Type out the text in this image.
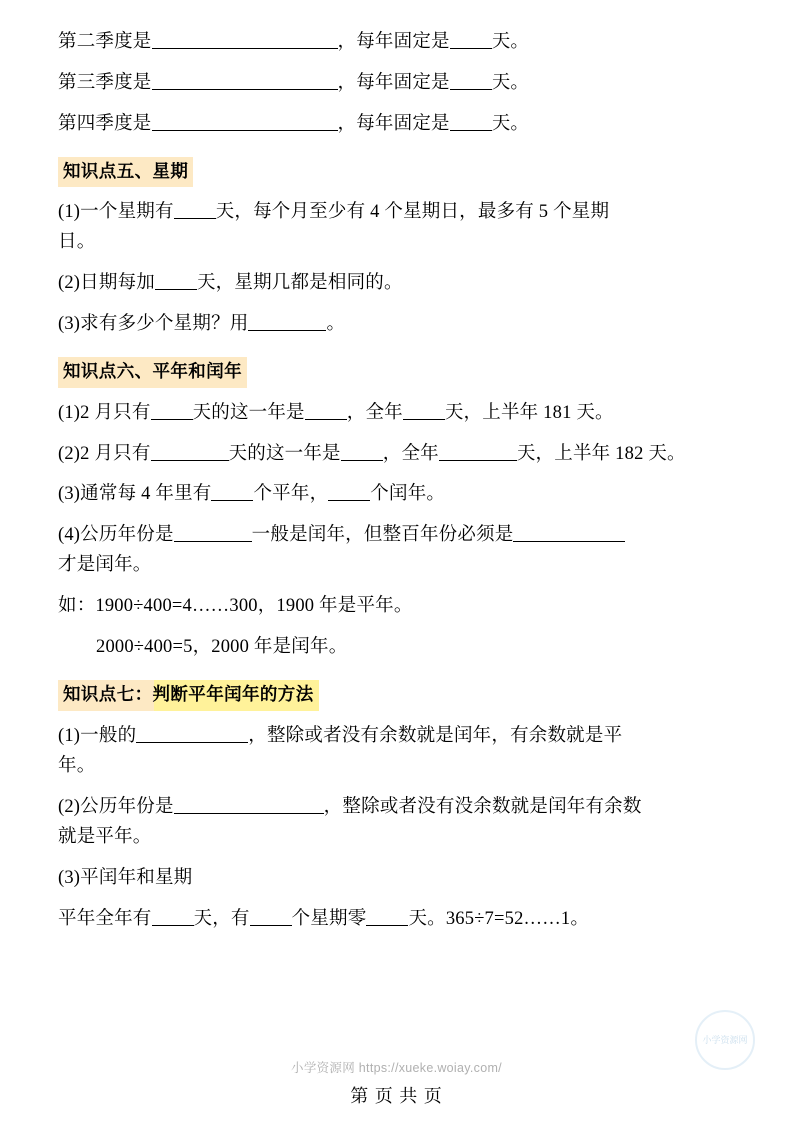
第二季度是	，每年固定是 天。

第三季度是	，每年固定是 天。

第四季度是	，每年固定是 天。

知识点五、星期

(1)一个星期有 天，每个月至少有 4 个星期日，最多有 5 个星期
日。

(2)日期每加 天，星期几都是相同的。

(3)求有多少个星期？用	。

知识点六、平年和闰年

(1)2 月只有 天的这一年是 ，全年 天，上半年 181 天。

(2)2 月只有	天的这一年是 ，全年	天，上半年 182 天。

(3)通常每 4 年里有 个平年， 个闰年。

(4)公历年份是	一般是闰年，但整百年份必须是
才是闰年。

如：1900÷400=4……300，1900 年是平年。

2000÷400=5，2000 年是闰年。

知识点七：判断平年闰年的方法

(1)一般的	，整除或者没有余数就是闰年，有余数就是平
年。

(2)公历年份是	，整除或者没有没余数就是闰年有余数
就是平年。

(3)平闰年和星期

平年全年有 天，有 个星期零 天。365÷7=52……1。

小学资源网
小学资源网 https://xueke.woiay.com/
第 页 共 页
